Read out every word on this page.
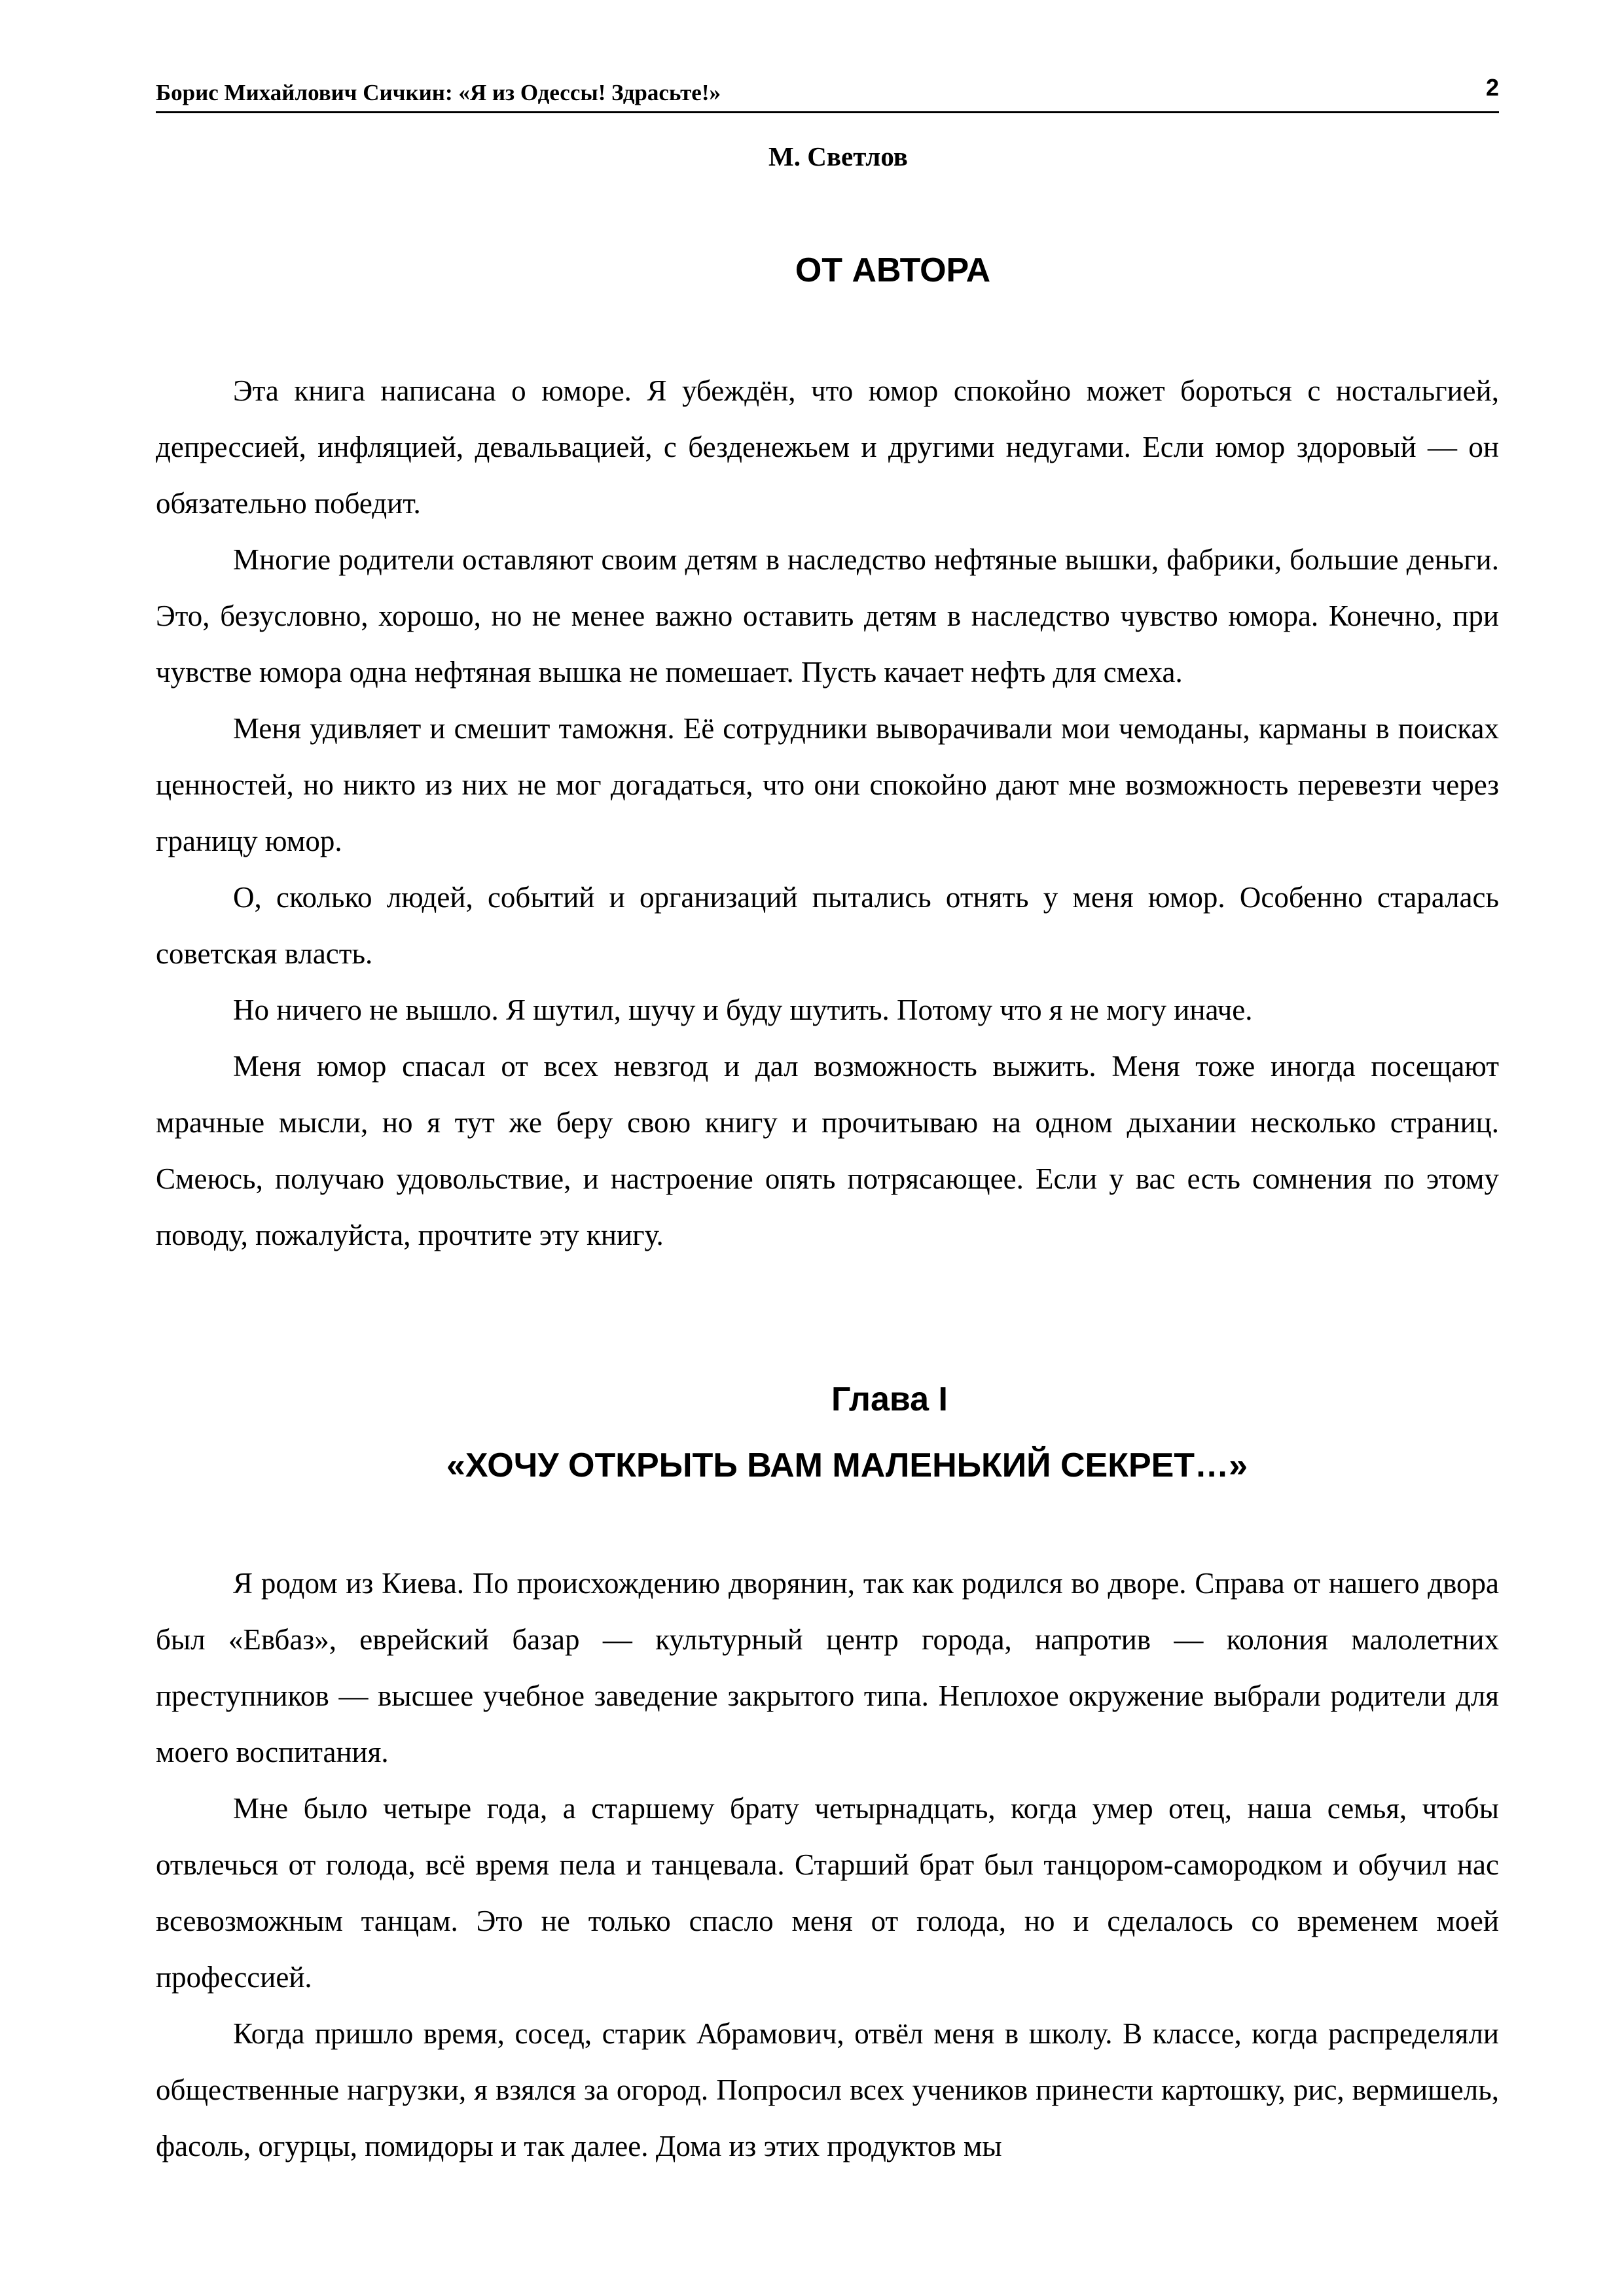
Борис Михайлович Сичкин: «Я из Одессы! Здрасьте!»	2
М. Светлов
ОТ АВТОРА

Эта книга написана о юморе. Я убеждён, что юмор спокойно может бороться с ностальгией, депрессией, инфляцией, девальвацией, с безденежьем и другими недугами. Если юмор здоровый — он обязательно победит.

Многие родители оставляют своим детям в наследство нефтяные вышки, фабрики, большие деньги. Это, безусловно, хорошо, но не менее важно оставить детям в наследство чувство юмора. Конечно, при чувстве юмора одна нефтяная вышка не помешает. Пусть качает нефть для смеха.

Меня удивляет и смешит таможня. Её сотрудники выворачивали мои чемоданы, карманы в поисках ценностей, но никто из них не мог догадаться, что они спокойно дают мне возможность перевезти через границу юмор.

О, сколько людей, событий и организаций пытались отнять у меня юмор. Особенно старалась советская власть.

Но ничего не вышло. Я шутил, шучу и буду шутить. Потому что я не могу иначе.

Меня юмор спасал от всех невзгод и дал возможность выжить. Меня тоже иногда посещают мрачные мысли, но я тут же беру свою книгу и прочитываю на одном дыхании несколько страниц. Смеюсь, получаю удовольствие, и настроение опять потрясающее. Если у вас есть сомнения по этому поводу, пожалуйста, прочтите эту книгу.

Глава I
«ХОЧУ ОТКРЫТЬ ВАМ МАЛЕНЬКИЙ СЕКРЕТ…»

Я родом из Киева. По происхождению дворянин, так как родился во дворе. Справа от нашего двора был «Евбаз», еврейский базар — культурный центр города, напротив — колония малолетних преступников — высшее учебное заведение закрытого типа. Неплохое окружение выбрали родители для моего воспитания.

Мне было четыре года, а старшему брату четырнадцать, когда умер отец, наша семья, чтобы отвлечься от голода, всё время пела и танцевала. Старший брат был танцором-самородком и обучил нас всевозможным танцам. Это не только спасло меня от голода, но и сделалось со временем моей профессией.

Когда пришло время, сосед, старик Абрамович, отвёл меня в школу. В классе, когда распределяли общественные нагрузки, я взялся за огород. Попросил всех учеников принести картошку, рис, вермишель, фасоль, огурцы, помидоры и так далее. Дома из этих продуктов мы
